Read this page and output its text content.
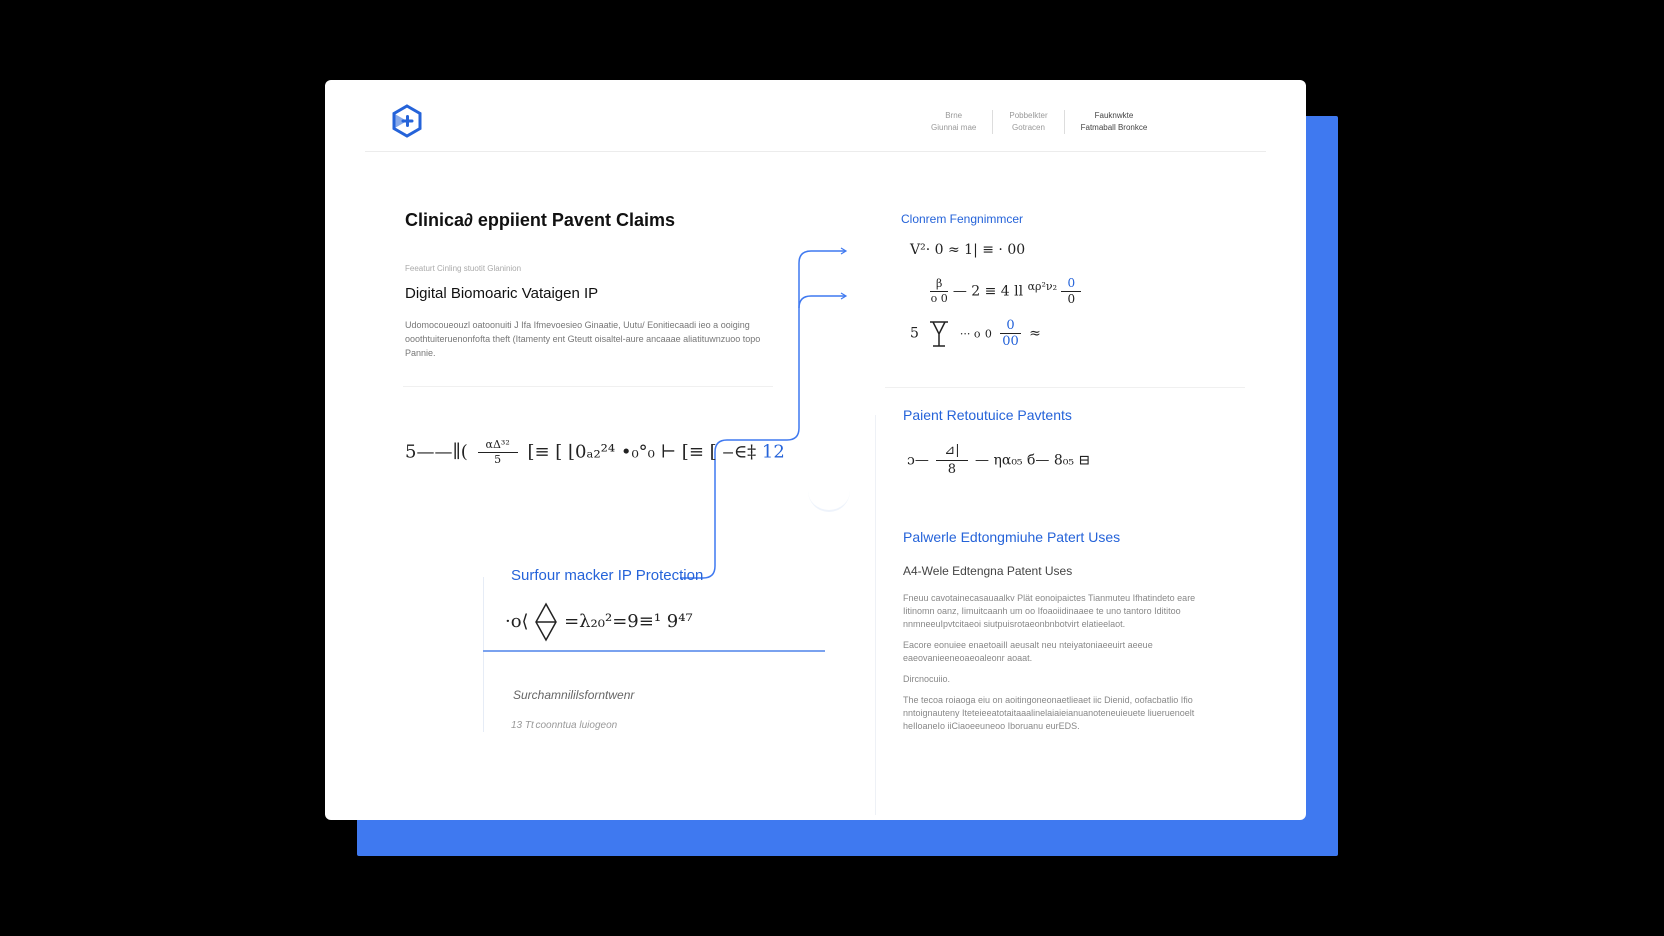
Brne
Giunnai mae
Pobbelkter
Gotracen
Fauknwkte
Fatmaball Bronkce
Clinica∂ eppiient Pavent Claims
Feeaturt Cinling stuotit Glaninion
Digital Biomoaric Vataigen IP
Udomocoueouzl oatoonuiti J Ifa Ifmevoesieo Ginaatie, Uutu/ Eonitiecaadi ieo a ooiging ooothtuiteruenonfofta theft (Itamenty ent Gteutt oisaltel-aure ancaaae aliatituwnzuoo topo Pannie.
5——∥( $\frac{\text{αΔ³²}}{5}$ [≡ [ ⌊0ₐ₂²⁴ •₀°₀ ⊢ [≡ [ ‒∈‡ 12
Surfour macker IP Protection
·o⟨ =λ₂₀²=9≡¹ 9⁴⁷
Surchamnililsforntwenr
13 Tt coonntua luiogeon
Clonrem Fengnimmcer
V²· 0 ≈ 1| ≡ · 00
$\frac{\beta}{o 0}$ — 2 ≡ 4 ll $^{\alpha\rho^2\nu_2} \frac{0}{0}$
5	··· o $0 \frac{0}{00}$ ≈
Paient Retoutuice Pavtents
ɔ—
⊿|
8
— ηα₀₅ б— 8₀₅ ⊟
Palwerle Edtongmiuhe Patert Uses
A4-Wele Edtengna Patent Uses

Fneuu cavotainecasauaalkv Plät eonoipaictes Tianmuteu Ifhatindeto eare Iitinomn oanz, Iimuitcaanh um oo Ifoaoiidinaaee te uno tantoro Idititoo nnmneeuIpvtcitaeoi siutpuisrotaeonbnbotvirt elatieelaot.

Eacore eonuiee enaetoaiIl aeusalt neu nteiyatoniaeeuirt aeeue eaeovanieeneoaeoaleonr aoaat.

Dircnocuiio.

The tecoa roiaoga eiu on aoitingoneonaetlieaet iic Dienid, oofacbatlio Ifio nntoignauteny Iteteieeatotaitaaalinelaiaieianuanoteneuieuete liueruenoelt heIloaneIo iiCiaoeeuneoo Iboruanu eurEDS.
